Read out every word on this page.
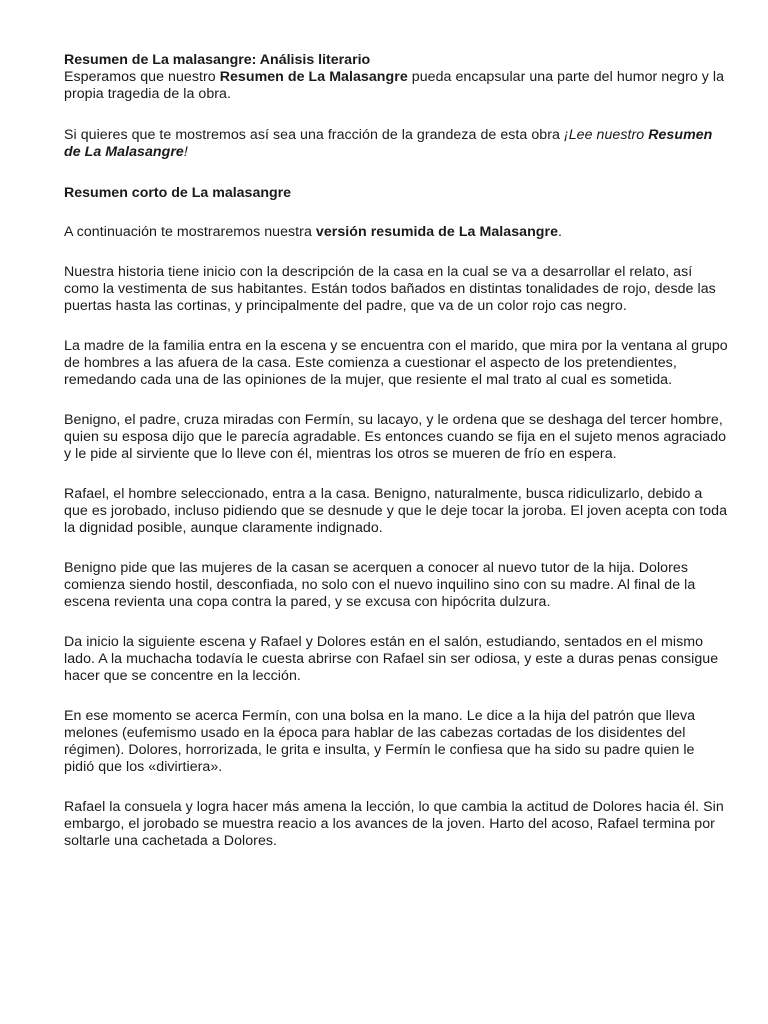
Resumen de La malasangre: Análisis literario

Esperamos que nuestro Resumen de La Malasangre pueda encapsular una parte del humor negro y la propia tragedia de la obra.

Si quieres que te mostremos así sea una fracción de la grandeza de esta obra ¡Lee nuestro Resumen de La Malasangre!

Resumen corto de La malasangre

A continuación te mostraremos nuestra versión resumida de La Malasangre.

Nuestra historia tiene inicio con la descripción de la casa en la cual se va a desarrollar el relato, así como la vestimenta de sus habitantes. Están todos bañados en distintas tonalidades de rojo, desde las puertas hasta las cortinas, y principalmente del padre, que va de un color rojo cas negro.

La madre de la familia entra en la escena y se encuentra con el marido, que mira por la ventana al grupo de hombres a las afuera de la casa. Este comienza a cuestionar el aspecto de los pretendientes, remedando cada una de las opiniones de la mujer, que resiente el mal trato al cual es sometida.

Benigno, el padre, cruza miradas con Fermín, su lacayo, y le ordena que se deshaga del tercer hombre, quien su esposa dijo que le parecía agradable. Es entonces cuando se fija en el sujeto menos agraciado y le pide al sirviente que lo lleve con él, mientras los otros se mueren de frío en espera.

Rafael, el hombre seleccionado, entra a la casa. Benigno, naturalmente, busca ridiculizarlo, debido a que es jorobado, incluso pidiendo que se desnude y que le deje tocar la joroba. El joven acepta con toda la dignidad posible, aunque claramente indignado.

Benigno pide que las mujeres de la casan se acerquen a conocer al nuevo tutor de la hija. Dolores comienza siendo hostil, desconfiada, no solo con el nuevo inquilino sino con su madre. Al final de la escena revienta una copa contra la pared, y se excusa con hipócrita dulzura.

Da inicio la siguiente escena y Rafael y Dolores están en el salón, estudiando, sentados en el mismo lado. A la muchacha todavía le cuesta abrirse con Rafael sin ser odiosa, y este a duras penas consigue hacer que se concentre en la lección.

En ese momento se acerca Fermín, con una bolsa en la mano. Le dice a la hija del patrón que lleva melones (eufemismo usado en la época para hablar de las cabezas cortadas de los disidentes del régimen). Dolores, horrorizada, le grita e insulta, y Fermín le confiesa que ha sido su padre quien le pidió que los «divirtiera».

Rafael la consuela y logra hacer más amena la lección, lo que cambia la actitud de Dolores hacia él. Sin embargo, el jorobado se muestra reacio a los avances de la joven. Harto del acoso, Rafael termina por soltarle una cachetada a Dolores.
